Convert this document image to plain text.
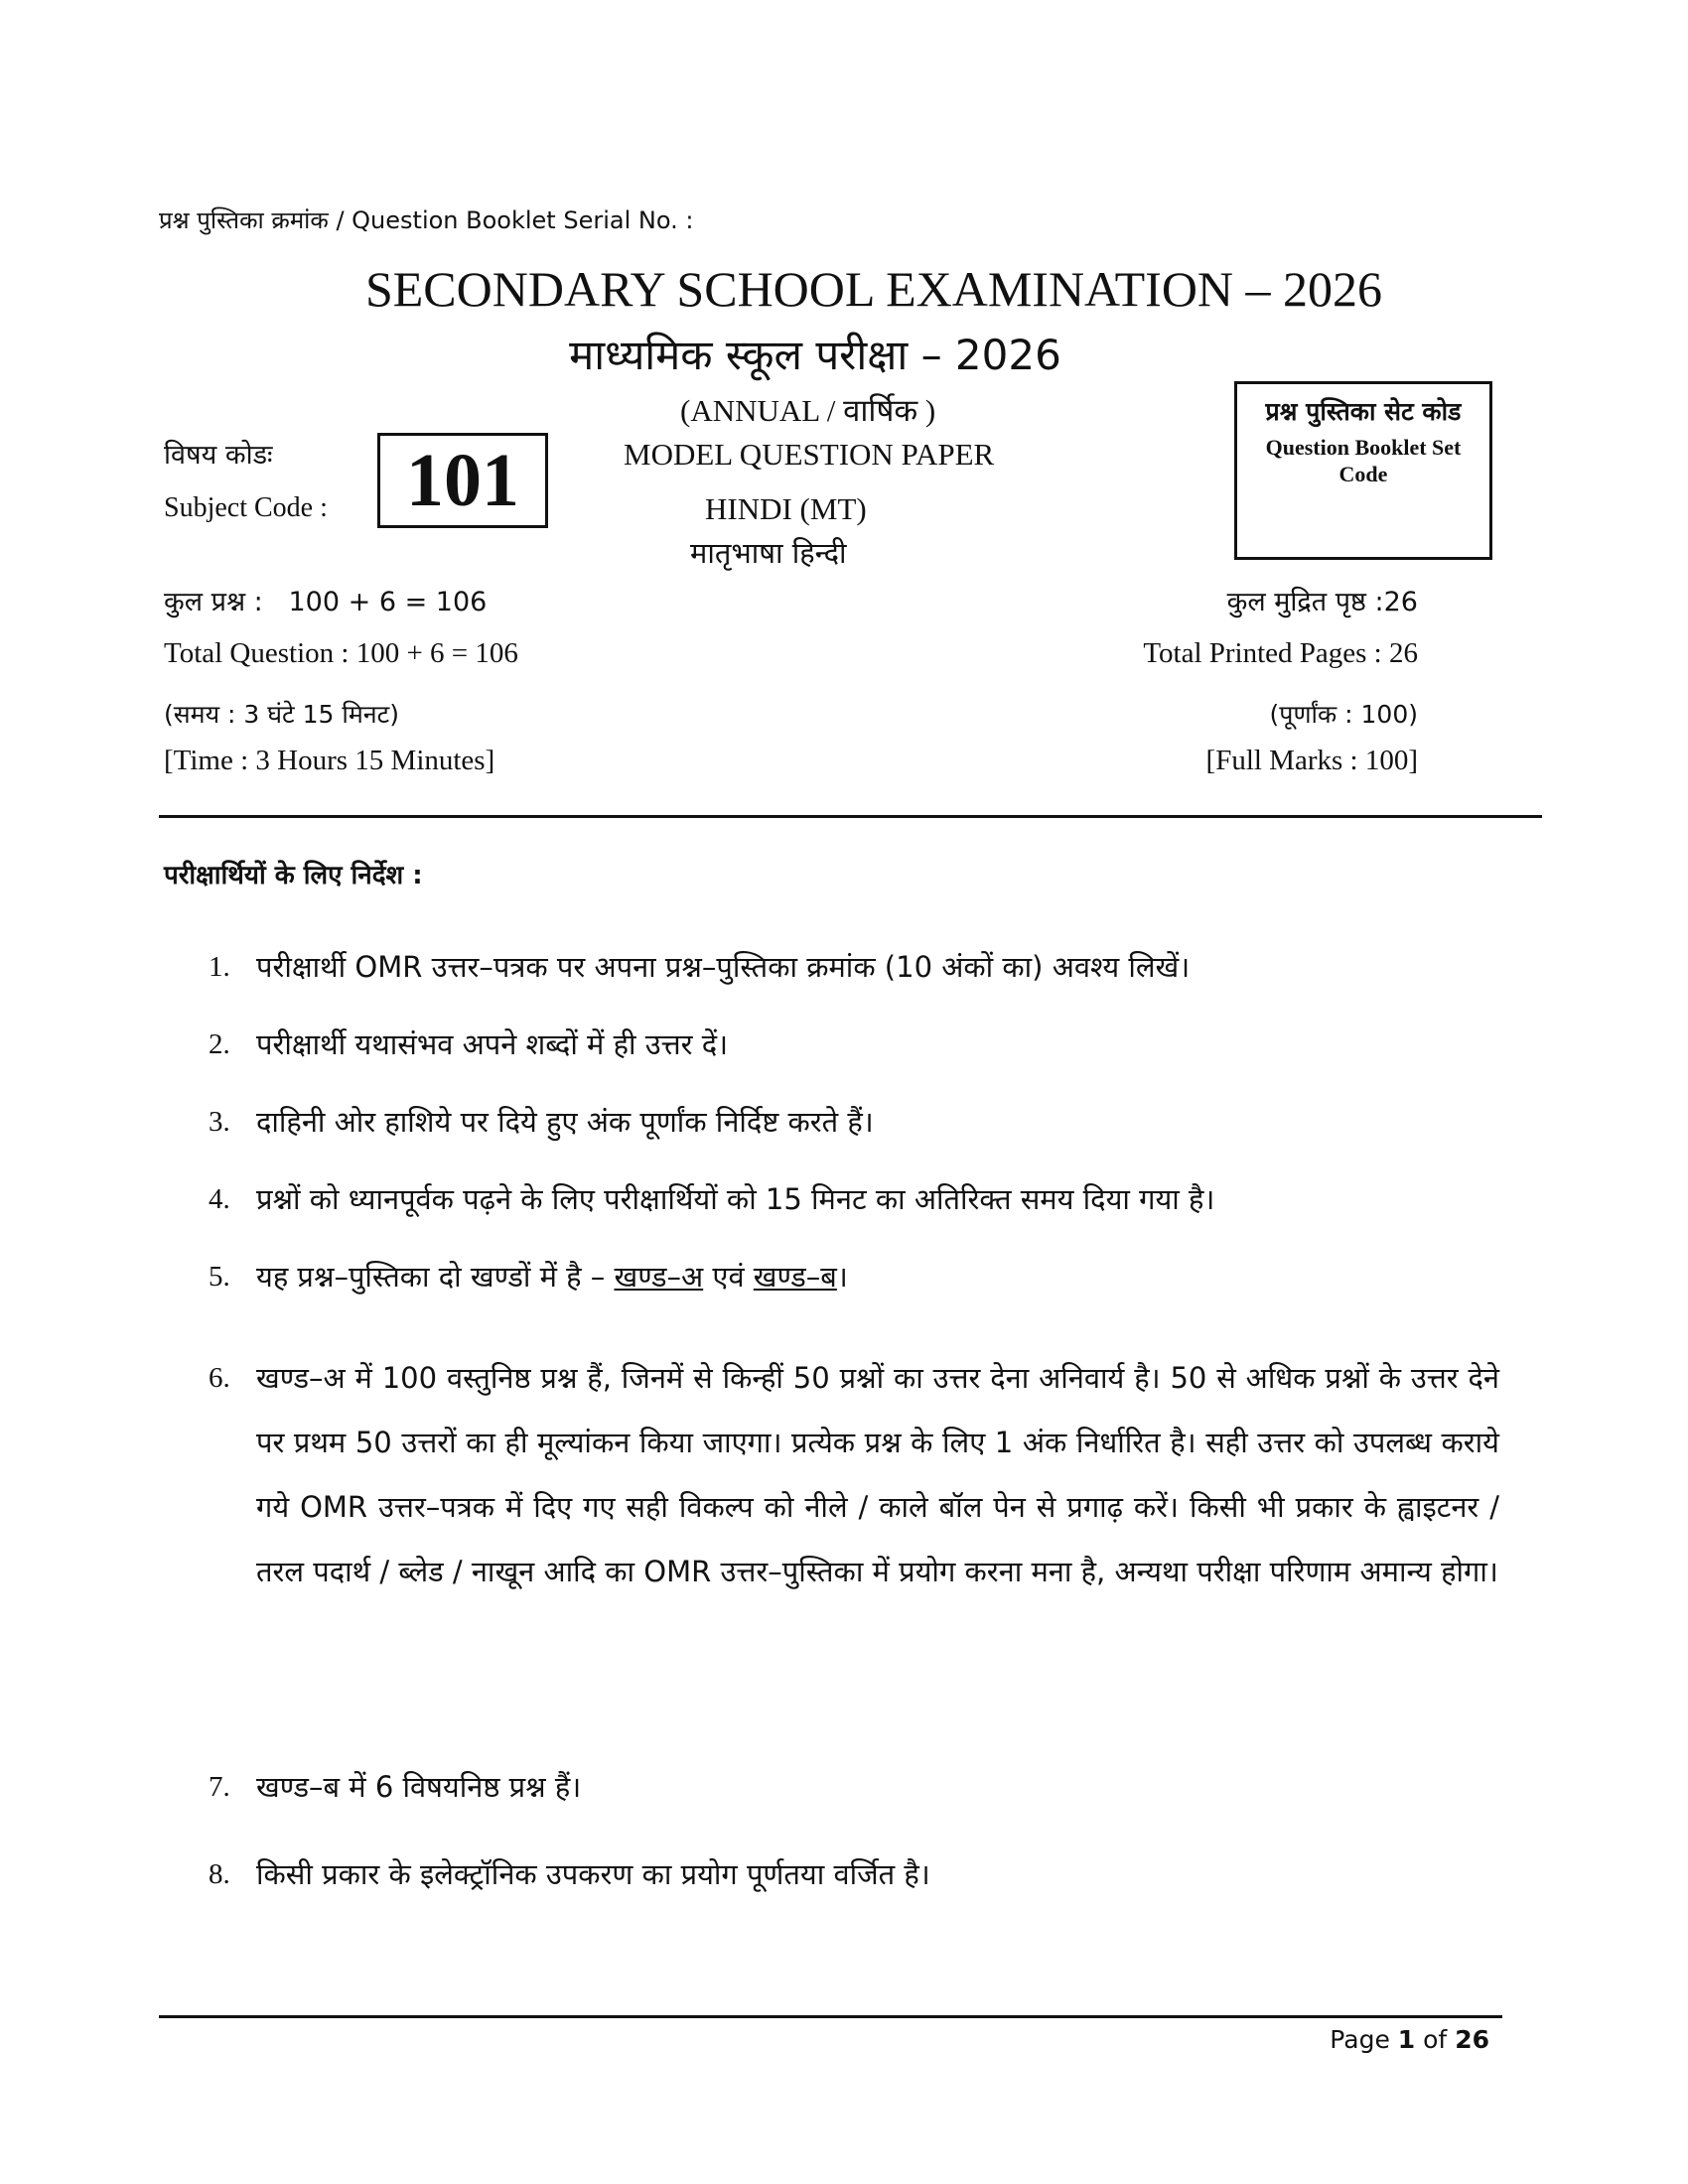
प्रश्न पुस्तिका क्रमांक / Question Booklet Serial No. :
SECONDARY SCHOOL EXAMINATION – 2026
माध्यमिक स्कूल परीक्षा – 2026
(ANNUAL / वार्षिक )
MODEL QUESTION PAPER
HINDI (MT)
मातृभाषा हिन्दी
विषय कोडः
Subject Code : 101
प्रश्न पुस्तिका सेट कोड
Question Booklet Set Code
कुल प्रश्न :   100 + 6 = 106
Total Question : 100 + 6 = 106
कुल मुद्रित पृष्ठ :26
Total Printed Pages : 26
(समय : 3 घंटे 15 मिनट)
[Time : 3 Hours 15 Minutes]
(पूर्णांक : 100)
[Full Marks : 100]
परीक्षार्थियों के लिए निर्देश :
1. परीक्षार्थी OMR उत्तर–पत्रक पर अपना प्रश्न–पुस्तिका क्रमांक (10 अंकों का) अवश्य लिखें।
2. परीक्षार्थी यथासंभव अपने शब्दों में ही उत्तर दें।
3. दाहिनी ओर हाशिये पर दिये हुए अंक पूर्णांक निर्दिष्ट करते हैं।
4. प्रश्नों को ध्यानपूर्वक पढ़ने के लिए परीक्षार्थियों को 15 मिनट का अतिरिक्त समय दिया गया है।
5. यह प्रश्न–पुस्तिका दो खण्डों में है – खण्ड–अ एवं खण्ड–ब।
6. खण्ड–अ में 100 वस्तुनिष्ठ प्रश्न हैं, जिनमें से किन्हीं 50 प्रश्नों का उत्तर देना अनिवार्य है। 50 से अधिक प्रश्नों के उत्तर देने पर प्रथम 50 उत्तरों का ही मूल्यांकन किया जाएगा। प्रत्येक प्रश्न के लिए 1 अंक निर्धारित है। सही उत्तर को उपलब्ध कराये गये OMR उत्तर–पत्रक में दिए गए सही विकल्प को नीले / काले बॉल पेन से प्रगाढ़ करें। किसी भी प्रकार के ह्वाइटनर / तरल पदार्थ / ब्लेड / नाखून आदि का OMR उत्तर–पुस्तिका में प्रयोग करना मना है, अन्यथा परीक्षा परिणाम अमान्य होगा।
7. खण्ड–ब में 6 विषयनिष्ठ प्रश्न हैं।
8. किसी प्रकार के इलेक्ट्रॉनिक उपकरण का प्रयोग पूर्णतया वर्जित है।
Page 1 of 26
